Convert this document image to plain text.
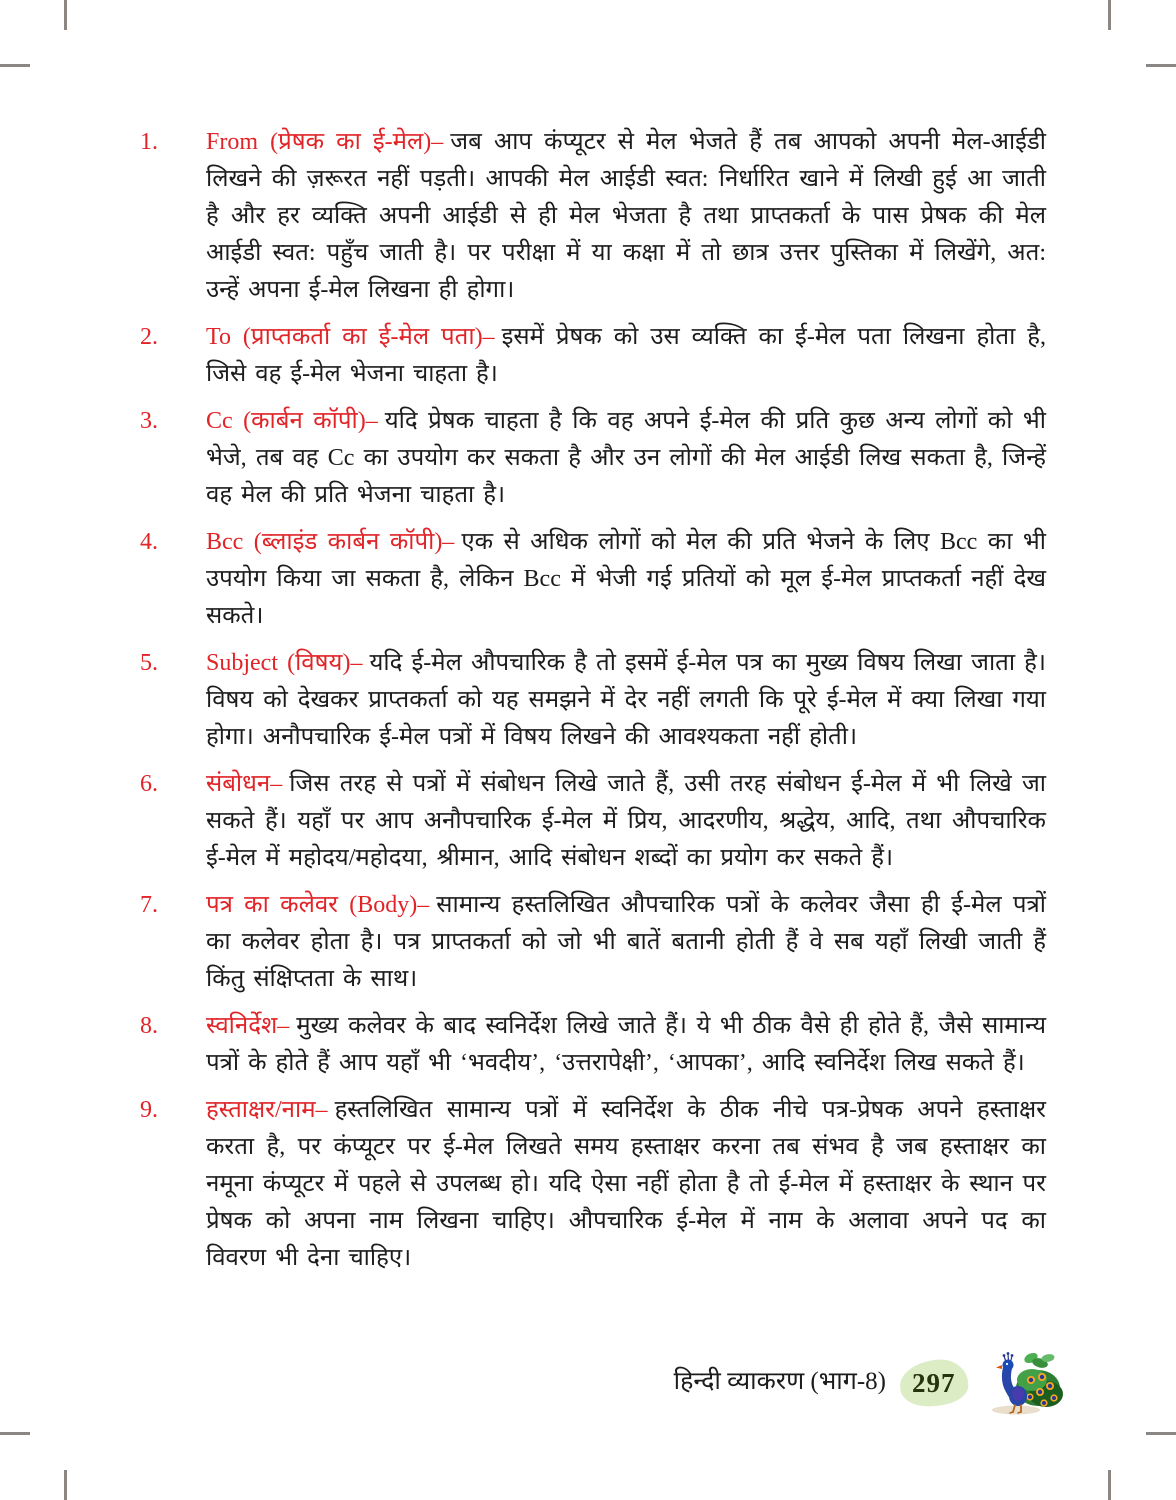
1.	From (प्रेषक का ई-मेल)– जब आप कंप्यूटर से मेल भेजते हैं तब आपको अपनी मेल-आईडी लिखने की ज़रूरत नहीं पड़ती। आपकी मेल आईडी स्वत: निर्धारित खाने में लिखी हुई आ जाती है और हर व्यक्ति अपनी आईडी से ही मेल भेजता है तथा प्राप्तकर्ता के पास प्रेषक की मेल आईडी स्वत: पहुँच जाती है। पर परीक्षा में या कक्षा में तो छात्र उत्तर पुस्तिका में लिखेंगे, अत: उन्हें अपना ई-मेल लिखना ही होगा।

2.	To (प्राप्तकर्ता का ई-मेल पता)– इसमें प्रेषक को उस व्यक्ति का ई-मेल पता लिखना होता है, जिसे वह ई-मेल भेजना चाहता है।

3.	Cc (कार्बन कॉपी)– यदि प्रेषक चाहता है कि वह अपने ई-मेल की प्रति कुछ अन्य लोगों को भी भेजे, तब वह Cc का उपयोग कर सकता है और उन लोगों की मेल आईडी लिख सकता है, जिन्हें वह मेल की प्रति भेजना चाहता है।

4.	Bcc (ब्लाइंड कार्बन कॉपी)– एक से अधिक लोगों को मेल की प्रति भेजने के लिए Bcc का भी उपयोग किया जा सकता है, लेकिन Bcc में भेजी गई प्रतियों को मूल ई-मेल प्राप्तकर्ता नहीं देख सकते।

5.	Subject (विषय)– यदि ई-मेल औपचारिक है तो इसमें ई-मेल पत्र का मुख्य विषय लिखा जाता है। विषय को देखकर प्राप्तकर्ता को यह समझने में देर नहीं लगती कि पूरे ई-मेल में क्या लिखा गया होगा। अनौपचारिक ई-मेल पत्रों में विषय लिखने की आवश्यकता नहीं होती।

6.	संबोधन– जिस तरह से पत्रों में संबोधन लिखे जाते हैं, उसी तरह संबोधन ई-मेल में भी लिखे जा सकते हैं। यहाँ पर आप अनौपचारिक ई-मेल में प्रिय, आदरणीय, श्रद्धेय, आदि, तथा औपचारिक ई-मेल में महोदय/महोदया, श्रीमान, आदि संबोधन शब्दों का प्रयोग कर सकते हैं।

7.	पत्र का कलेवर (Body)– सामान्य हस्तलिखित औपचारिक पत्रों के कलेवर जैसा ही ई-मेल पत्रों का कलेवर होता है। पत्र प्राप्तकर्ता को जो भी बातें बतानी होती हैं वे सब यहाँ लिखी जाती हैं किंतु संक्षिप्तता के साथ।

8.	स्वनिर्देश– मुख्य कलेवर के बाद स्वनिर्देश लिखे जाते हैं। ये भी ठीक वैसे ही होते हैं, जैसे सामान्य पत्रों के होते हैं आप यहाँ भी ‘भवदीय’, ‘उत्तरापेक्षी’, ‘आपका’, आदि स्वनिर्देश लिख सकते हैं।

9.	हस्ताक्षर/नाम– हस्तलिखित सामान्य पत्रों में स्वनिर्देश के ठीक नीचे पत्र-प्रेषक अपने हस्ताक्षर करता है, पर कंप्यूटर पर ई-मेल लिखते समय हस्ताक्षर करना तब संभव है जब हस्ताक्षर का नमूना कंप्यूटर में पहले से उपलब्ध हो। यदि ऐसा नहीं होता है तो ई-मेल में हस्ताक्षर के स्थान पर प्रेषक को अपना नाम लिखना चाहिए। औपचारिक ई-मेल में नाम के अलावा अपने पद का विवरण भी देना चाहिए।

हिन्दी व्याकरण (भाग-8) 297
